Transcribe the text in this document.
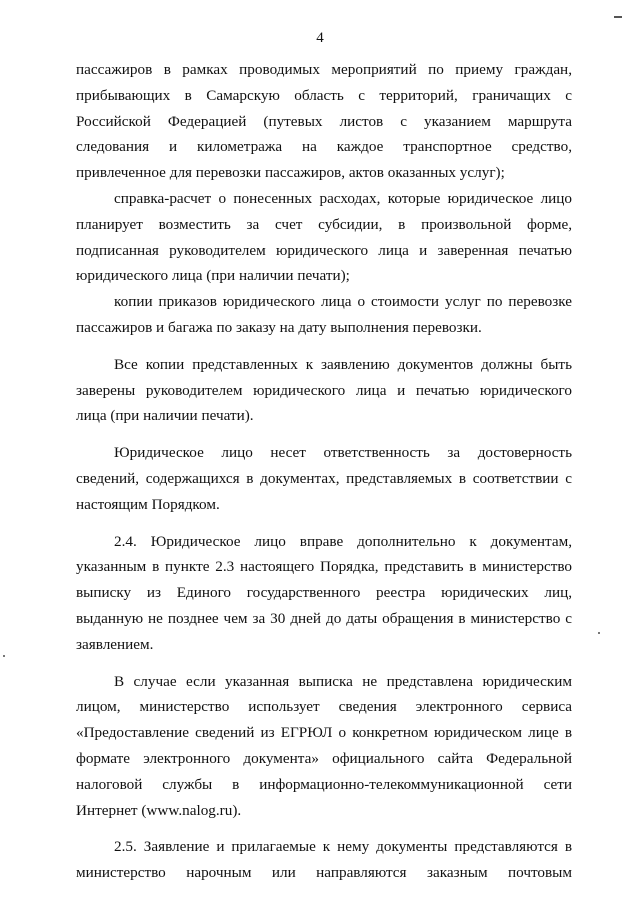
4

пассажиров в рамках проводимых мероприятий по приему граждан,
прибывающих в Самарскую область с территорий, граничащих с
Российской Федерацией (путевых листов с указанием маршрута
следования и километража на каждое транспортное средство,
привлеченное для перевозки пассажиров, актов оказанных услуг);

справка-расчет о понесенных расходах, которые юридическое лицо
планирует возместить за счет субсидии, в произвольной форме,
подписанная руководителем юридического лица и заверенная печатью
юридического лица (при наличии печати);

копии приказов юридического лица о стоимости услуг по перевозке
пассажиров и багажа по заказу на дату выполнения перевозки.

Все копии представленных к заявлению документов должны быть
заверены руководителем юридического лица и печатью юридического
лица (при наличии печати).

Юридическое лицо несет ответственность за достоверность
сведений, содержащихся в документах, представляемых в соответствии с
настоящим Порядком.

2.4. Юридическое лицо вправе дополнительно к документам,
указанным в пункте 2.3 настоящего Порядка, представить в министерство
выписку из Единого государственного реестра юридических лиц,
выданную не позднее чем за 30 дней до даты обращения в министерство с
заявлением.

В случае если указанная выписка не представлена юридическим
лицом, министерство использует сведения электронного сервиса
«Предоставление сведений из ЕГРЮЛ о конкретном юридическом лице в
формате электронного документа» официального сайта Федеральной
налоговой службы в информационно-телекоммуникационной сети
Интернет (www.nalog.ru).

2.5. Заявление и прилагаемые к нему документы представляются в
министерство нарочным или направляются заказным почтовым
